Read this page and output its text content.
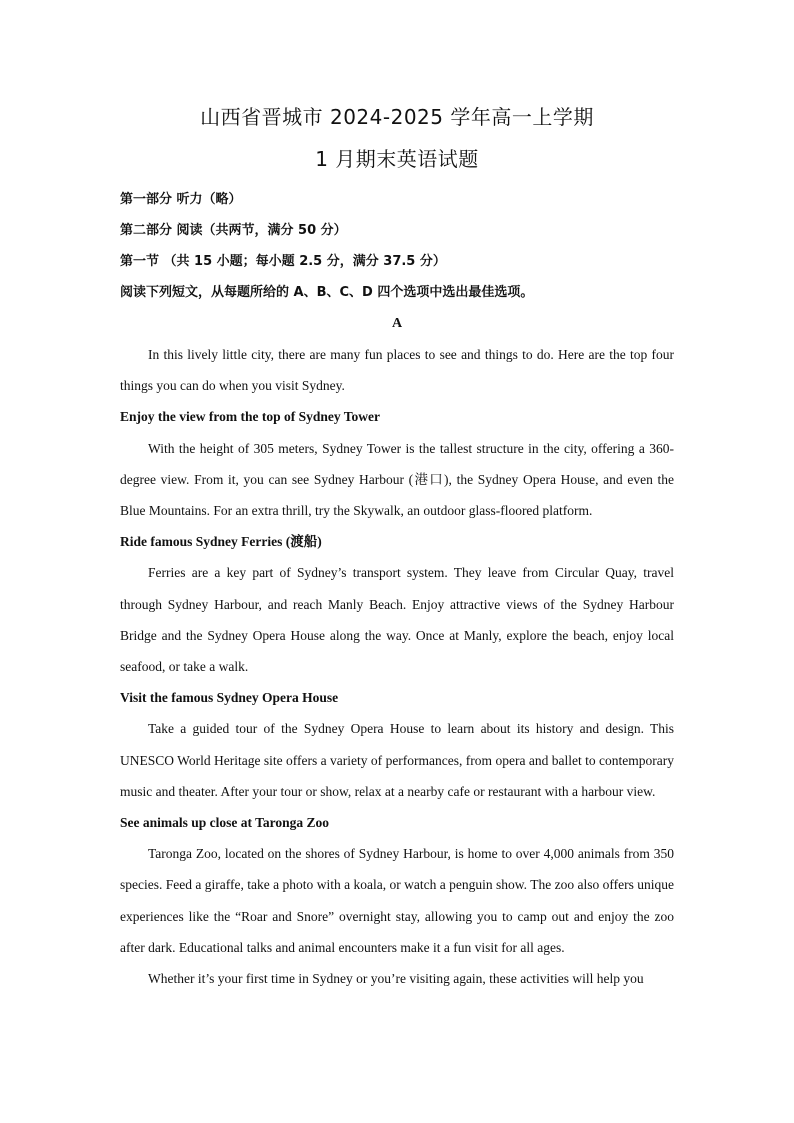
山西省晋城市 2024-2025 学年高一上学期
1 月期末英语试题

第一部分 听力（略）

第二部分 阅读（共两节，满分 50 分）

第一节 （共 15 小题；每小题 2.5 分，满分 37.5 分）

阅读下列短文，从每题所给的 A、B、C、D 四个选项中选出最佳选项。

A

In this lively little city, there are many fun places to see and things to do. Here are the top four things you can do when you visit Sydney.

Enjoy the view from the top of Sydney Tower

With the height of 305 meters, Sydney Tower is the tallest structure in the city, offering a 360-degree view. From it, you can see Sydney Harbour (港口), the Sydney Opera House, and even the Blue Mountains. For an extra thrill, try the Skywalk, an outdoor glass-floored platform.

Ride famous Sydney Ferries (渡船)

Ferries are a key part of Sydney’s transport system. They leave from Circular Quay, travel through Sydney Harbour, and reach Manly Beach. Enjoy attractive views of the Sydney Harbour Bridge and the Sydney Opera House along the way. Once at Manly, explore the beach, enjoy local seafood, or take a walk.

Visit the famous Sydney Opera House

Take a guided tour of the Sydney Opera House to learn about its history and design. This UNESCO World Heritage site offers a variety of performances, from opera and ballet to contemporary music and theater. After your tour or show, relax at a nearby cafe or restaurant with a harbour view.

See animals up close at Taronga Zoo

Taronga Zoo, located on the shores of Sydney Harbour, is home to over 4,000 animals from 350 species. Feed a giraffe, take a photo with a koala, or watch a penguin show. The zoo also offers unique experiences like the “Roar and Snore” overnight stay, allowing you to camp out and enjoy the zoo after dark. Educational talks and animal encounters make it a fun visit for all ages.

Whether it’s your first time in Sydney or you’re visiting again, these activities will help you
